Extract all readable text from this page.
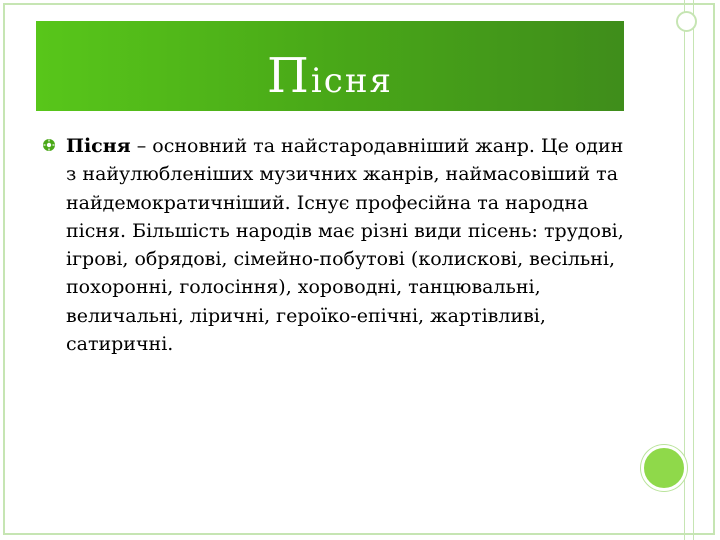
Пісня
Пісня – основний та найстародавніший жанр. Це один з найулюбленіших музичних жанрів, наймасовіший та найдемократичніший. Існує професійна та народна пісня. Більшість народів має різні види пісень: трудові, ігрові, обрядові, сімейно-побутові (колискові, весільні, похоронні, голосіння), хороводні, танцювальні, величальні, ліричні, героїко-епічні, жартівливі, сатиричні.
